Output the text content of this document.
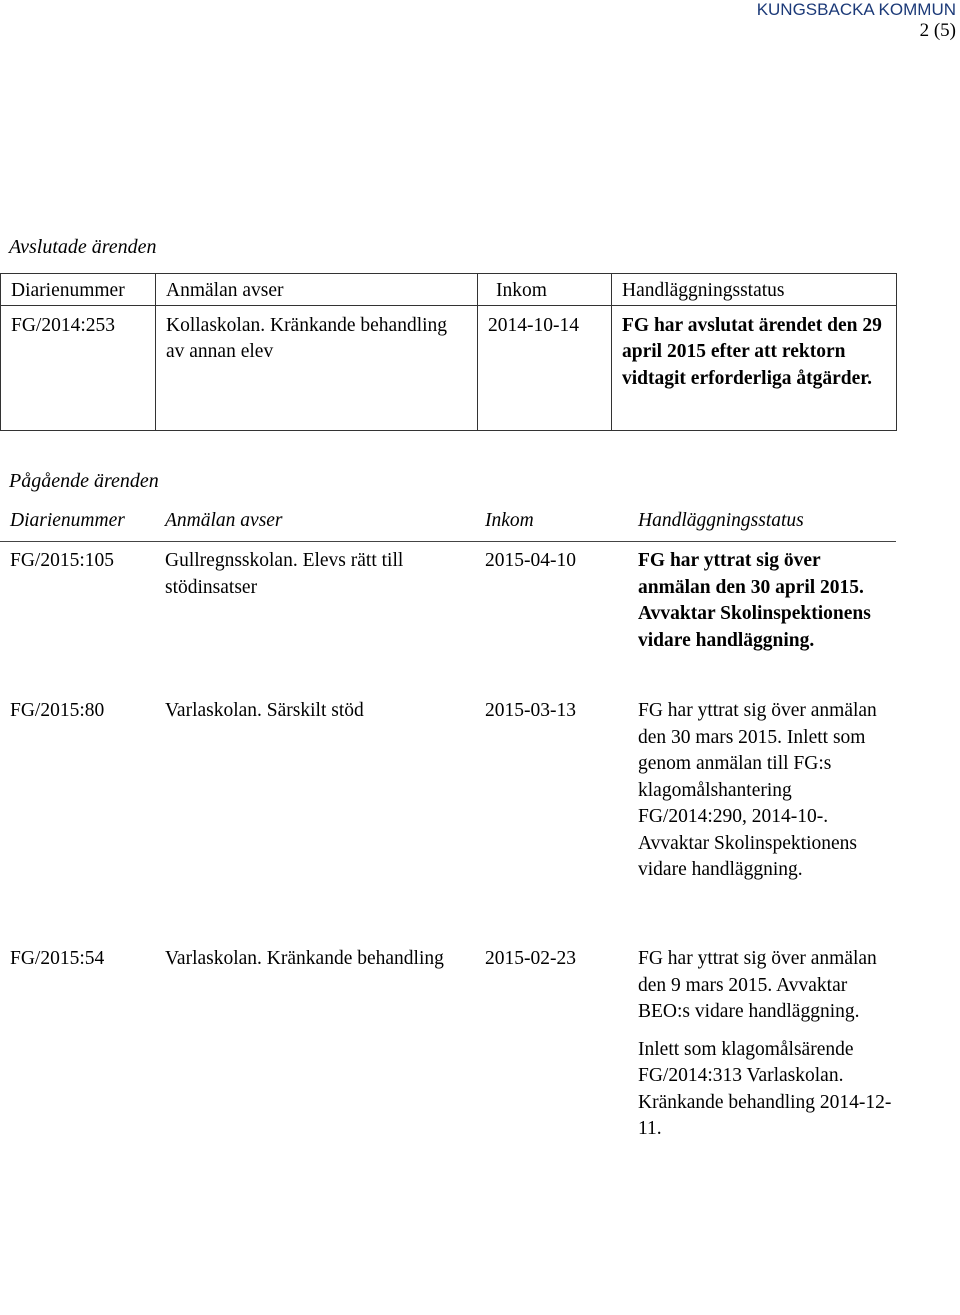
KUNGSBACKA KOMMUN
2 (5)
Avslutade ärenden
Diarienummer	Anmälan avser	Inkom	Handläggningsstatus
FG/2014:253	Kollaskolan. Kränkande behandling av annan elev	2014-10-14	FG har avslutat ärendet den 29 april 2015 efter att rektorn vidtagit erforderliga åtgärder.
Pågående ärenden
Diarienummer	Anmälan avser	Inkom	Handläggningsstatus

FG/2015:105	Gullregnsskolan. Elevs rätt till stödinsatser	2015-04-10	FG har yttrat sig över anmälan den 30 april 2015. Avvaktar Skolinspektionens vidare handläggning.
FG/2015:80	Varlaskolan. Särskilt stöd	2015-03-13	FG har yttrat sig över anmälan den 30 mars 2015. Inlett som genom anmälan till FG:s klagomålshantering FG/2014:290, 2014-10-. Avvaktar Skolinspektionens vidare handläggning.
FG/2015:54	Varlaskolan. Kränkande behandling	2015-02-23	FG har yttrat sig över anmälan den 9 mars 2015. Avvaktar BEO:s vidare handläggning.
Inlett som klagomålsärende FG/2014:313 Varlaskolan. Kränkande behandling 2014-12-11.
